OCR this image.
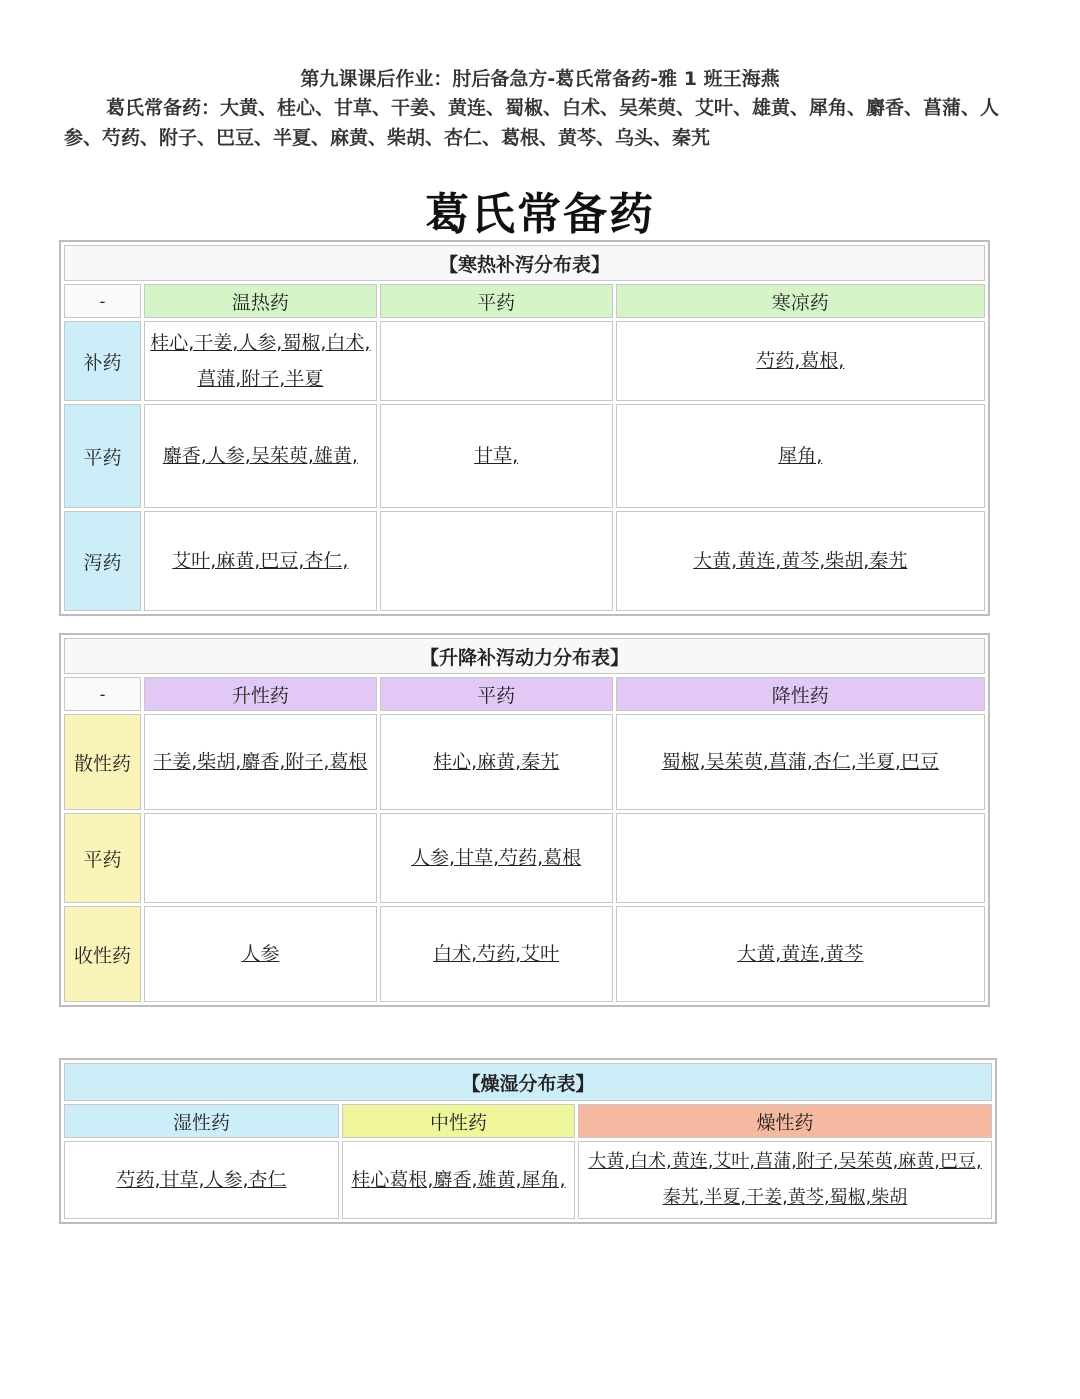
第九课课后作业：肘后备急方-葛氏常备药-雅 1 班王海燕
葛氏常备药：大黄、桂心、甘草、干姜、黄连、蜀椒、白术、吴茱萸、艾叶、雄黄、犀角、麝香、菖蒲、人参、芍药、附子、巴豆、半夏、麻黄、柴胡、杏仁、葛根、黄芩、乌头、秦艽
葛氏常备药
【寒热补泻分布表】			
-	温热药	平药	寒凉药
补药	桂心,干姜,人参,蜀椒,白术,菖蒲,附子,半夏		芍药,葛根,
平药	麝香,人参,吴茱萸,雄黄,	甘草,	犀角,
泻药	艾叶,麻黄,巴豆,杏仁,		大黄,黄连,黄芩,柴胡,秦艽
【升降补泻动力分布表】			
-	升性药	平药	降性药
散性药	干姜,柴胡,麝香,附子,葛根	桂心,麻黄,秦艽	蜀椒,吴茱萸,菖蒲,杏仁,半夏,巴豆
平药		人参,甘草,芍药,葛根	
收性药	人参	白术,芍药,艾叶	大黄,黄连,黄芩
【燥湿分布表】		
湿性药	中性药	燥性药
芍药,甘草,人参,杏仁	桂心葛根,麝香,雄黄,犀角,	大黄,白术,黄连,艾叶,菖蒲,附子,吴茱萸,麻黄,巴豆,秦艽,半夏,干姜,黄芩,蜀椒,柴胡
